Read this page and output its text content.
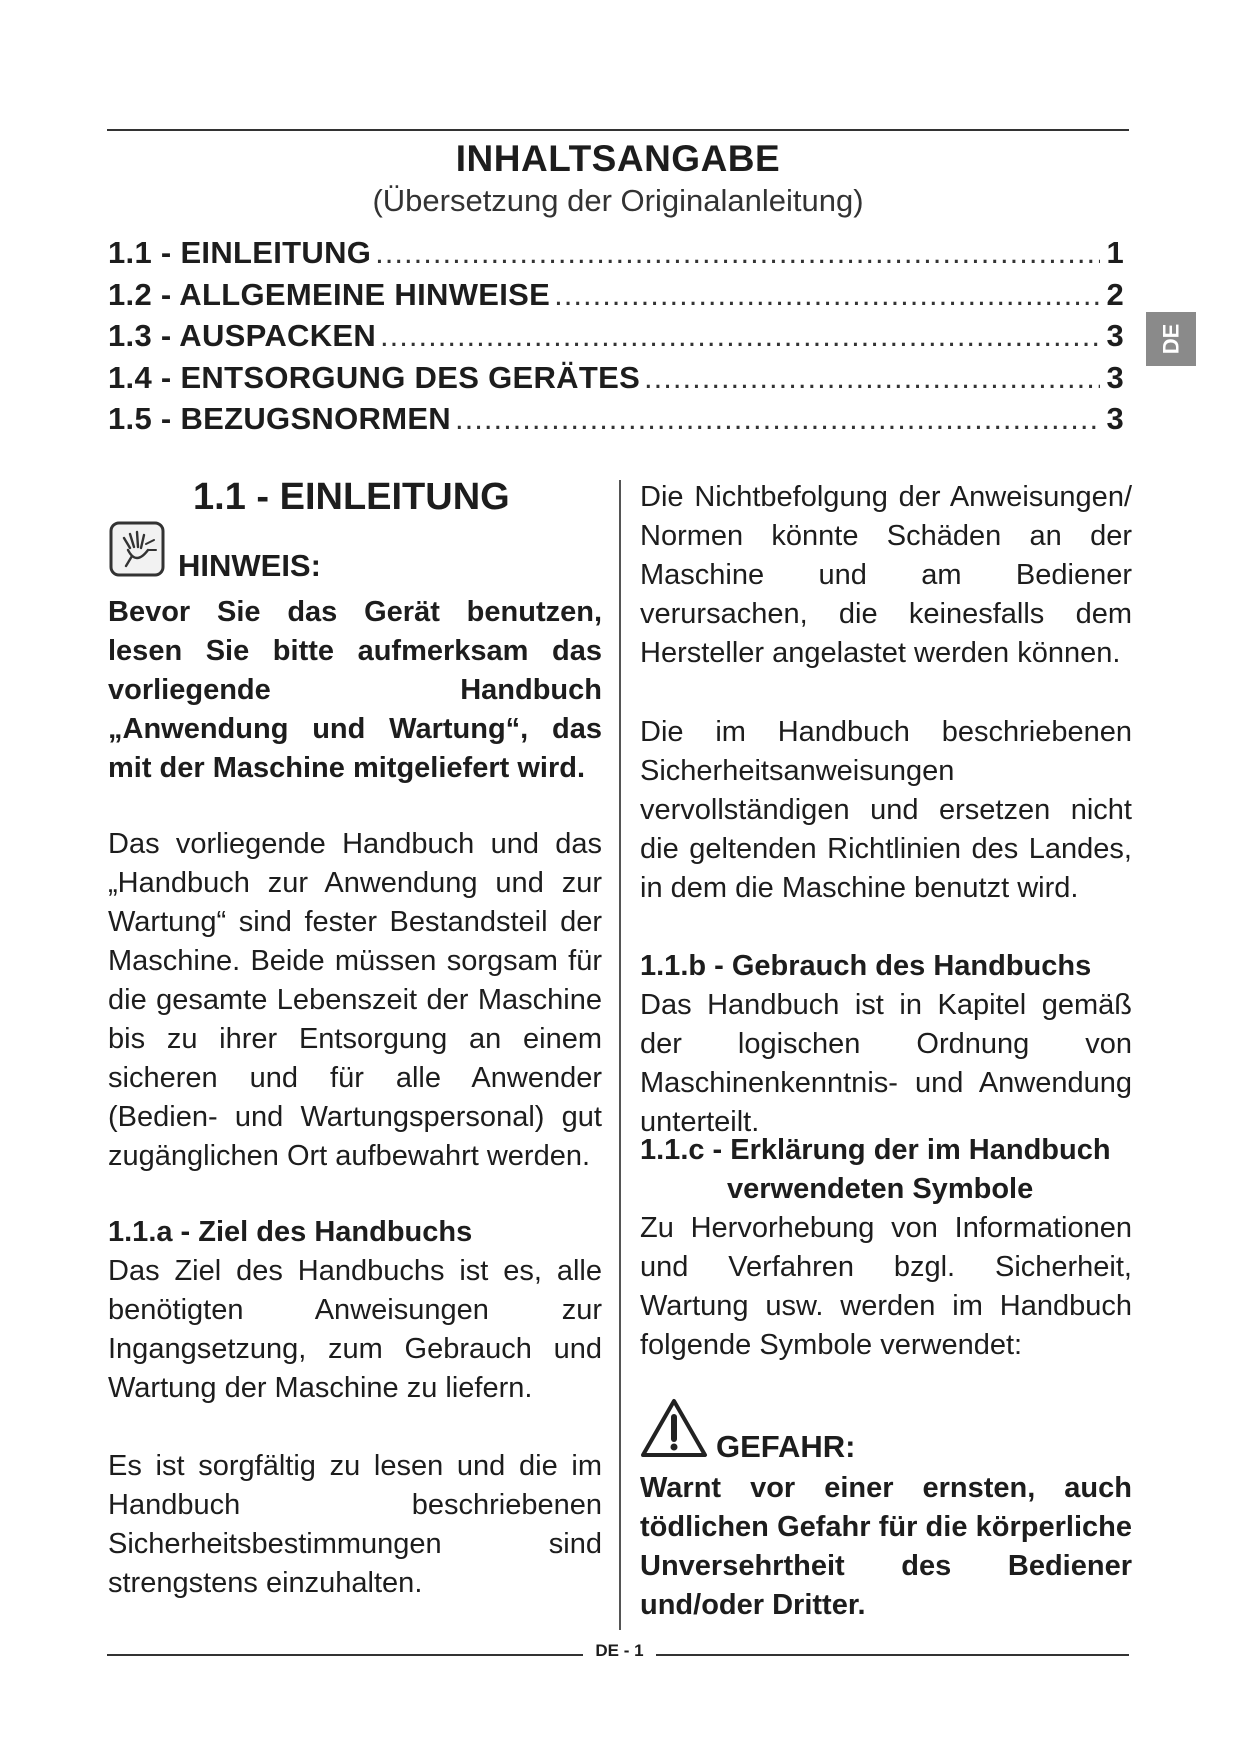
INHALTSANGABE
(Übersetzung der Originalanleitung)
1.1 - EINLEITUNG .....	1
1.2 - ALLGEMEINE HINWEISE .....	2
1.3 - AUSPACKEN .....	3
1.4 - ENTSORGUNG DES GERÄTES .....	3
1.5 - BEZUGSNORMEN .....	3
DE
1.1 - EINLEITUNG
HINWEIS:

Bevor Sie das Gerät benutzen, lesen Sie bitte aufmerksam das vorliegende Handbuch „Anwendung und Wartung“, das mit der Maschine mitgeliefert wird.

Das vorliegende Handbuch und das „Handbuch zur Anwendung und zur Wartung“ sind fester Bestandsteil der Maschine. Beide müssen sorgsam für die gesamte Lebenszeit der Maschine bis zu ihrer Entsorgung an einem sicheren und für alle Anwender (Bedien- und Wartungspersonal) gut zugänglichen Ort aufbewahrt werden.

1.1.a - Ziel des Handbuchs

Das Ziel des Handbuchs ist es, alle benötigten Anweisungen zur Ingangsetzung, zum Gebrauch und Wartung der Maschine zu liefern.

Es ist sorgfältig zu lesen und die im Handbuch beschriebenen Sicherheitsbestimmungen sind strengstens einzuhalten.

Die Nichtbefolgung der Anweisungen/ Normen könnte Schäden an der Maschine und am Bediener verursachen, die keinesfalls dem Hersteller angelastet werden können.

Die im Handbuch beschriebenen Sicherheitsanweisungen vervollständigen und ersetzen nicht die geltenden Richtlinien des Landes, in dem die Maschine benutzt wird.

1.1.b - Gebrauch des Handbuchs

Das Handbuch ist in Kapitel gemäß der logischen Ordnung von Maschinenkenntnis- und Anwendung unterteilt.

1.1.c - Erklärung der im Handbuch

verwendeten Symbole

Zu Hervorhebung von Informationen und Verfahren bzgl. Sicherheit, Wartung usw. werden im Handbuch folgende Symbole verwendet:

GEFAHR:

Warnt vor einer ernsten, auch tödlichen Gefahr für die körperliche Unversehrtheit des Bediener und/oder Dritter.

DE - 1
